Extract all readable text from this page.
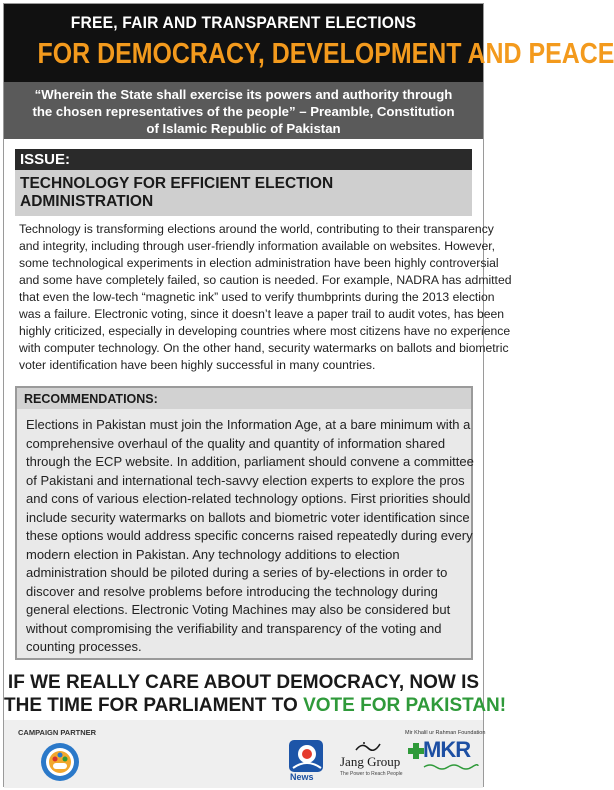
FREE, FAIR AND TRANSPARENT ELECTIONS
FOR DEMOCRACY, DEVELOPMENT AND PEACE
“Wherein the State shall exercise its powers and authority through
the chosen representatives of the people” – Preamble, Constitution
of Islamic Republic of Pakistan
ISSUE:
TECHNOLOGY FOR EFFICIENT ELECTION
ADMINISTRATION
Technology is transforming elections around the world, contributing to their transparency
and integrity, including through user-friendly information available on websites. However,
some technological experiments in election administration have been highly controversial
and some have completely failed, so caution is needed. For example, NADRA has admitted
that even the low-tech “magnetic ink” used to verify thumbprints during the 2013 election
was a failure. Electronic voting, since it doesn’t leave a paper trail to audit votes, has been
highly criticized, especially in developing countries where most citizens have no experience
with computer technology. On the other hand, security watermarks on ballots and biometric
voter identification have been highly successful in many countries.
RECOMMENDATIONS:
Elections in Pakistan must join the Information Age, at a bare minimum with a
comprehensive overhaul of the quality and quantity of information shared
through the ECP website. In addition, parliament should convene a committee
of Pakistani and international tech-savvy election experts to explore the pros
and cons of various election-related technology options. First priorities should
include security watermarks on ballots and biometric voter identification since
these options would address specific concerns raised repeatedly during every
modern election in Pakistan. Any technology additions to election
administration should be piloted during a series of by-elections in order to
discover and resolve problems before introducing the technology during
general elections. Electronic Voting Machines may also be considered but
without compromising the verifiability and transparency of the voting and
counting processes.
IF WE REALLY CARE ABOUT DEMOCRACY, NOW IS
THE TIME FOR PARLIAMENT TO VOTE FOR PAKISTAN!
CAMPAIGN PARTNER
News
Jang Group
The Power to Reach People
Mir Khalil ur Rahman Foundation
MKR
